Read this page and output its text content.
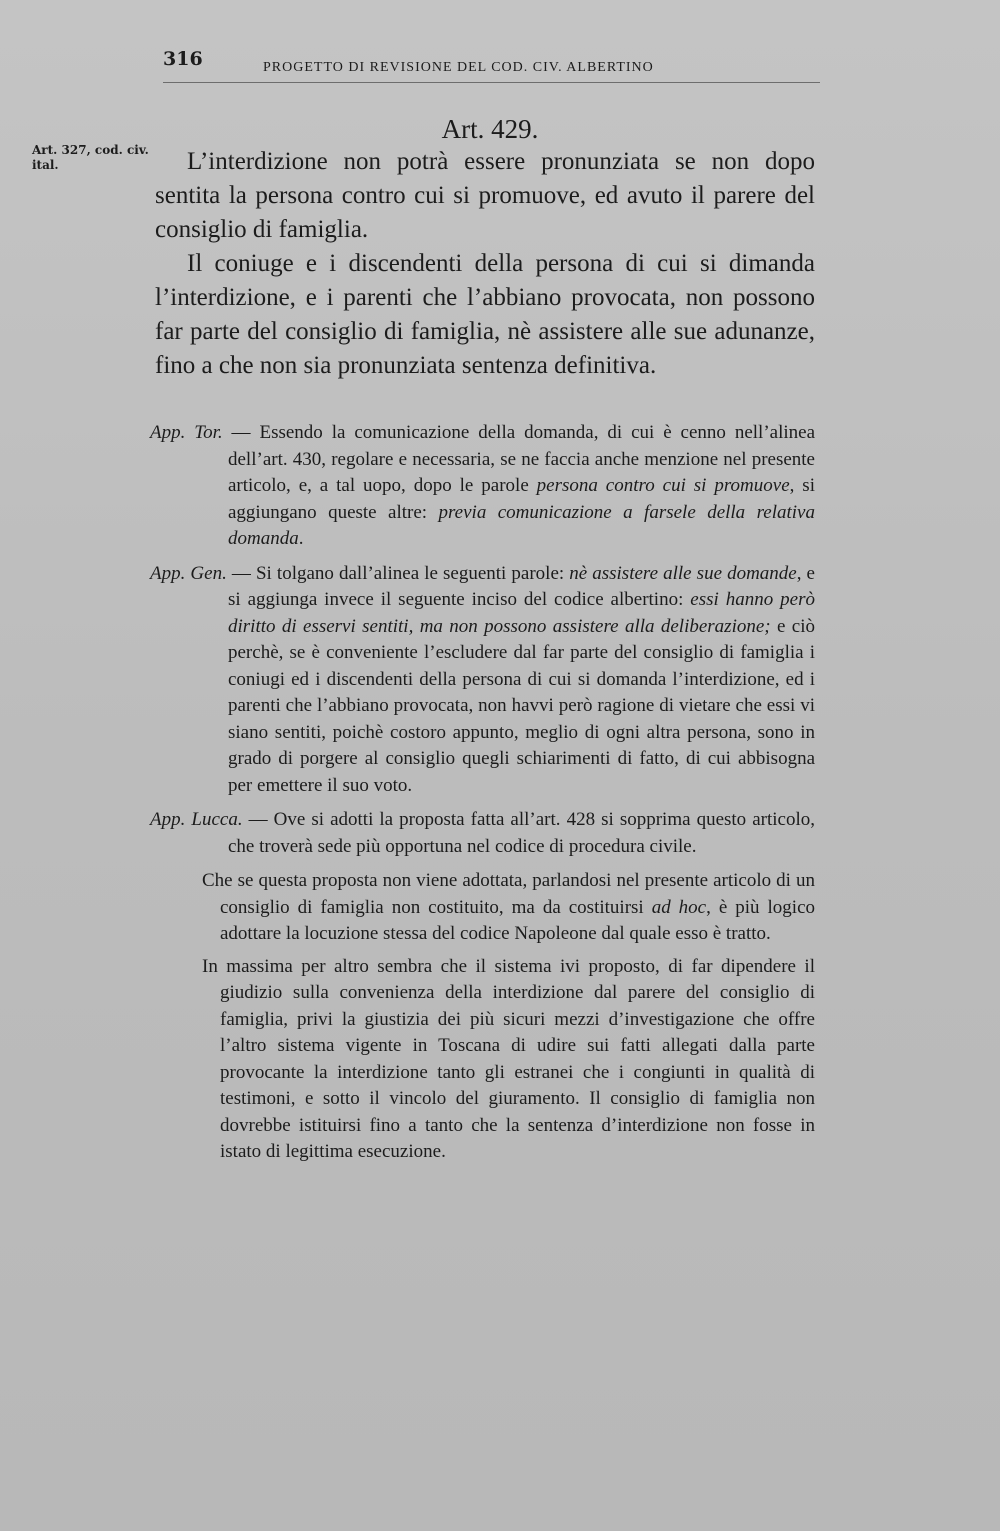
316	PROGETTO DI REVISIONE DEL COD. CIV. ALBERTINO
Art. 327, cod. civ.
ital.
Art. 429.

L’interdizione non potrà essere pronunziata se non dopo sentita la persona contro cui si promuove, ed avuto il parere del consiglio di famiglia.

Il coniuge e i discendenti della persona di cui si dimanda l’interdizione, e i parenti che l’abbiano provocata, non possono far parte del consiglio di famiglia, nè assistere alle sue adunanze, fino a che non sia pronunziata sentenza definitiva.

App. Tor. — Essendo la comunicazione della domanda, di cui è cenno nell’alinea dell’art. 430, regolare e necessaria, se ne faccia anche menzione nel presente articolo, e, a tal uopo, dopo le parole persona contro cui si promuove, si aggiungano queste altre: previa comunicazione a farsele della relativa domanda.

App. Gen. — Si tolgano dall’alinea le seguenti parole: nè assistere alle sue domande, e si aggiunga invece il seguente inciso del codice albertino: essi hanno però diritto di esservi sentiti, ma non possono assistere alla deliberazione; e ciò perchè, se è conveniente l’escludere dal far parte del consiglio di famiglia i coniugi ed i discendenti della persona di cui si domanda l’interdizione, ed i parenti che l’abbiano provocata, non havvi però ragione di vietare che essi vi siano sentiti, poichè costoro appunto, meglio di ogni altra persona, sono in grado di porgere al consiglio quegli schiarimenti di fatto, di cui abbisogna per emettere il suo voto.

App. Lucca. — Ove si adotti la proposta fatta all’art. 428 si sopprima questo articolo, che troverà sede più opportuna nel codice di procedura civile.

Che se questa proposta non viene adottata, parlandosi nel presente articolo di un consiglio di famiglia non costituito, ma da costituirsi ad hoc, è più logico adottare la locuzione stessa del codice Napoleone dal quale esso è tratto.

In massima per altro sembra che il sistema ivi proposto, di far dipendere il giudizio sulla convenienza della interdizione dal parere del consiglio di famiglia, privi la giustizia dei più sicuri mezzi d’investigazione che offre l’altro sistema vigente in Toscana di udire sui fatti allegati dalla parte provocante la interdizione tanto gli estranei che i congiunti in qualità di testimoni, e sotto il vincolo del giuramento. Il consiglio di famiglia non dovrebbe istituirsi fino a tanto che la sentenza d’interdizione non fosse in istato di legittima esecuzione.
